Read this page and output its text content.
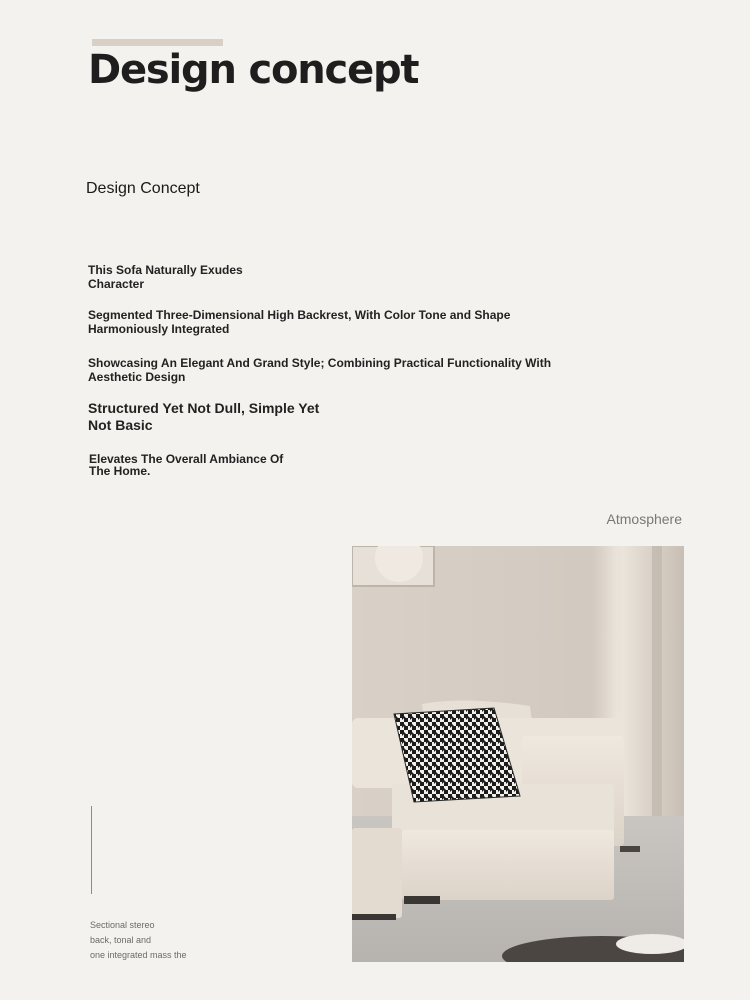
Design concept
Design Concept

This Sofa Naturally Exudes Character

Segmented Three-Dimensional High Backrest, With Color Tone and Shape Harmoniously Integrated

Showcasing An Elegant And Grand Style; Combining Practical Functionality With Aesthetic Design

Structured Yet Not Dull, Simple Yet Not Basic

Elevates The Overall Ambiance Of The Home.

Atmosphere
Sectional stereo
back, tonal and
one integrated mass the
